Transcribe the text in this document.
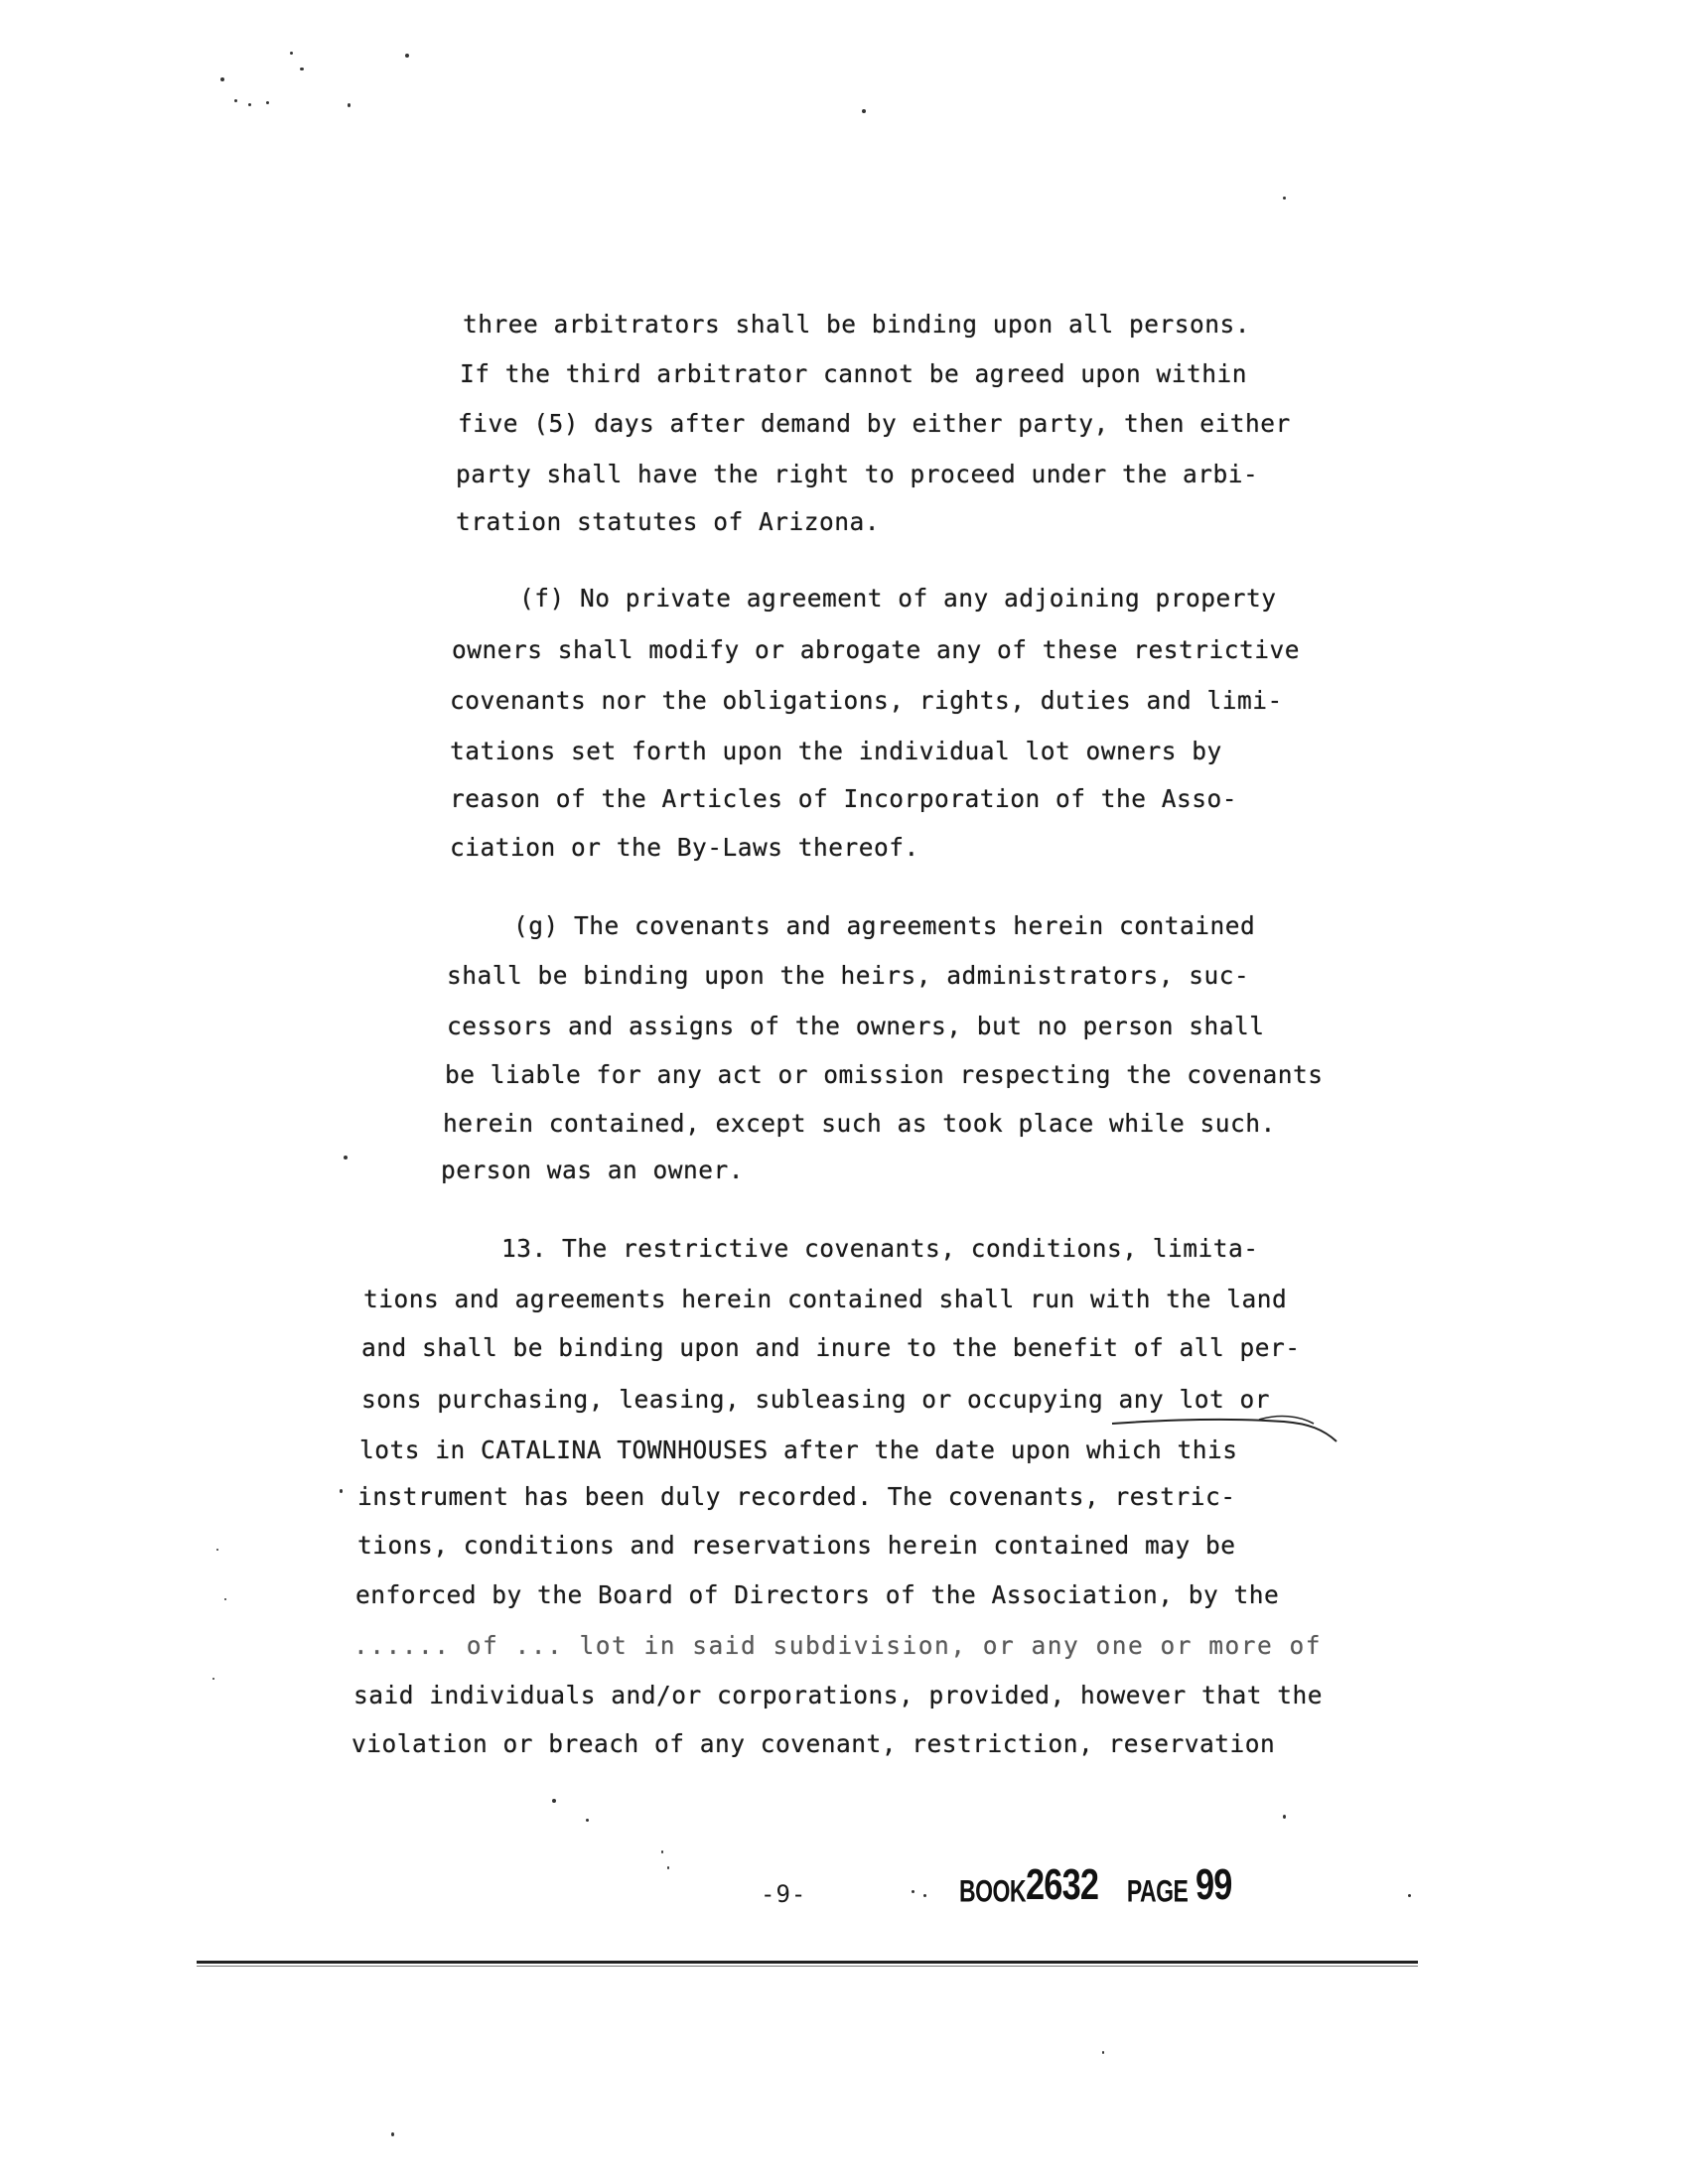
three arbitrators shall be binding upon all persons.
If the third arbitrator cannot be agreed upon within
five (5) days after demand by either party, then either
party shall have the right to proceed under the arbi-
tration statutes of Arizona.
(f) No private agreement of any adjoining property
owners shall modify or abrogate any of these restrictive
covenants nor the obligations, rights, duties and limi-
tations set forth upon the individual lot owners by
reason of the Articles of Incorporation of the Asso-
ciation or the By-Laws thereof.
(g) The covenants and agreements herein contained
shall be binding upon the heirs, administrators, suc-
cessors and assigns of the owners, but no person shall
be liable for any act or omission respecting the covenants
herein contained, except such as took place while such.
person was an owner.
13. The restrictive covenants, conditions, limita-
tions and agreements herein contained shall run with the land
and shall be binding upon and inure to the benefit of all per-
sons purchasing, leasing, subleasing or occupying any lot or
lots in CATALINA TOWNHOUSES after the date upon which this
instrument has been duly recorded. The covenants, restric-
tions, conditions and reservations herein contained may be
enforced by the Board of Directors of the Association, by the
...... of ... lot in said subdivision, or any one or more of
said individuals and/or corporations, provided, however that the
violation or breach of any covenant, restriction, reservation
-9-	BOOK2632 PAGE 99
